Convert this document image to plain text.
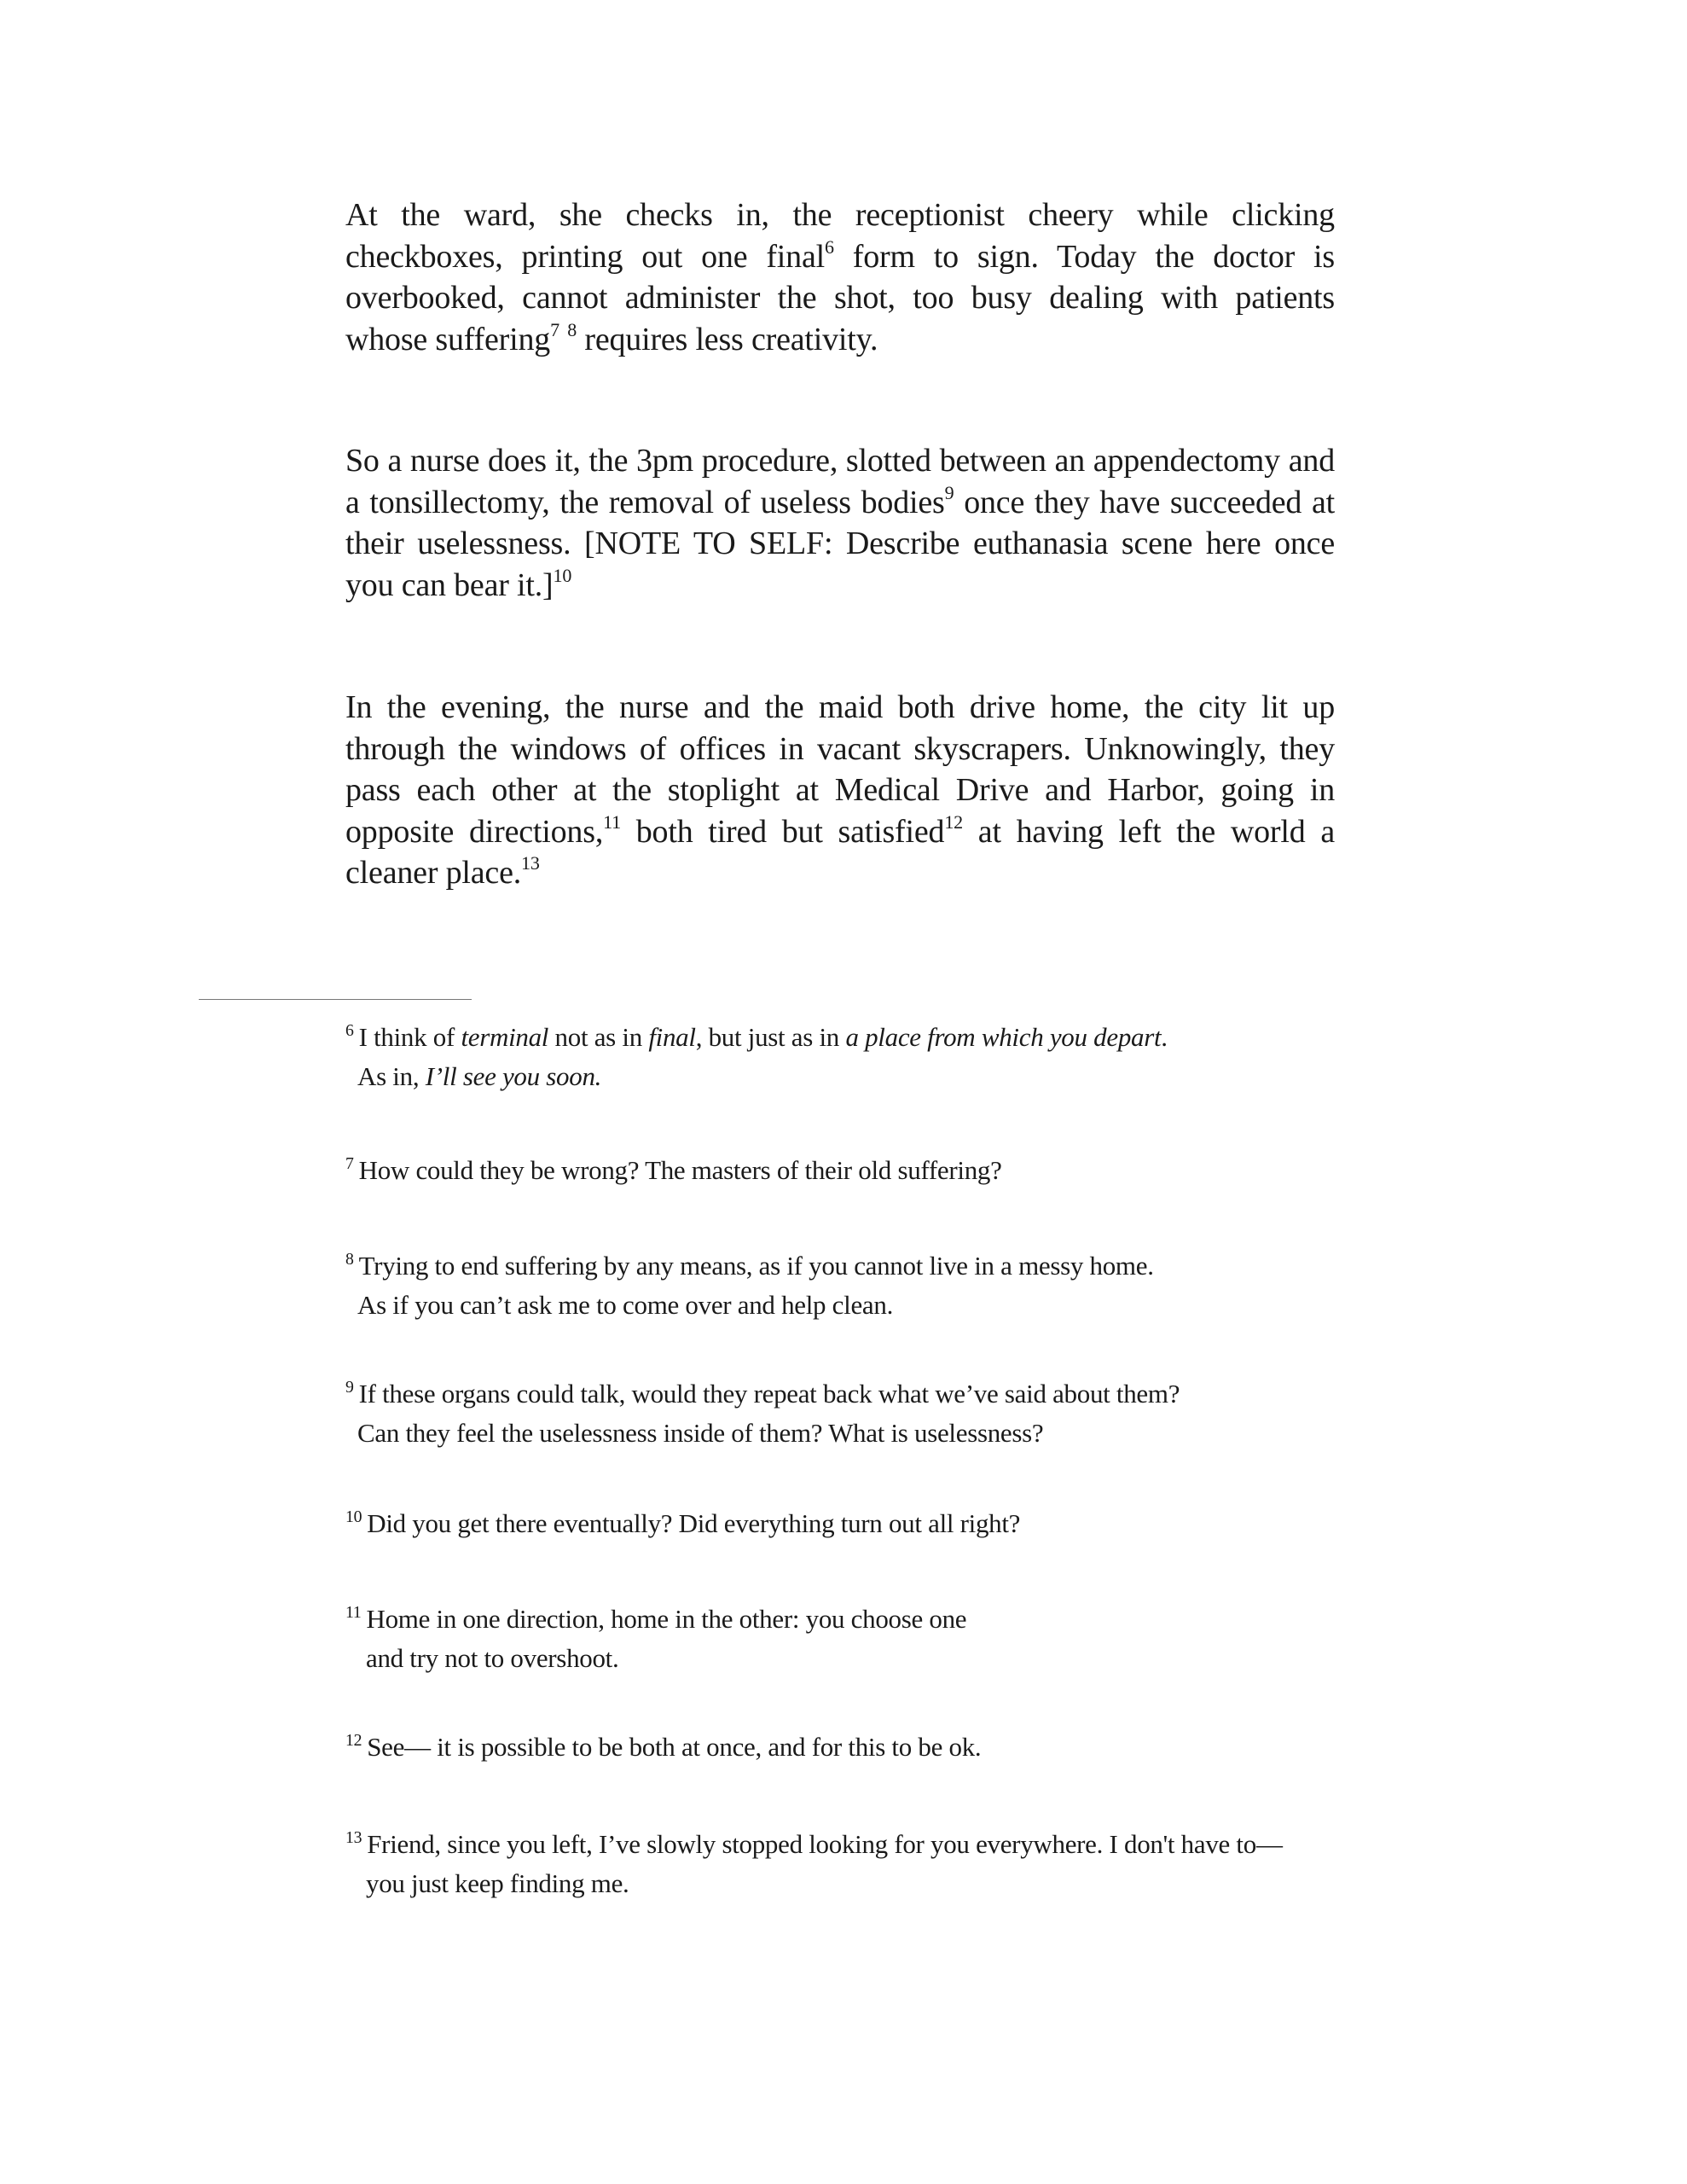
At the ward, she checks in, the receptionist cheery while clicking checkboxes, printing out one final$^6$ form to sign. Today the doctor is overbooked, cannot administer the shot, too busy dealing with patients whose suffering$^7$ $^8$ requires less creativity.
So a nurse does it, the 3pm procedure, slotted between an appendectomy and a tonsillectomy, the removal of useless bodies$^9$ once they have succeeded at their uselessness. [NOTE TO SELF: Describe euthanasia scene here once you can bear it.]$^{10}$
In the evening, the nurse and the maid both drive home, the city lit up through the windows of offices in vacant skyscrapers. Unknowingly, they pass each other at the stoplight at Medical Drive and Harbor, going in opposite directions,$^{11}$ both tired but satisfied$^{12}$ at having left the world a cleaner place.$^{13}$
$^6$ I think of terminal not as in final, but just as in a place from which you depart.
As in, I’ll see you soon.
$^7$ How could they be wrong? The masters of their old suffering?
$^8$ Trying to end suffering by any means, as if you cannot live in a messy home.
As if you can’t ask me to come over and help clean.
$^9$ If these organs could talk, would they repeat back what we’ve said about them?
Can they feel the uselessness inside of them? What is uselessness?
$^{10}$ Did you get there eventually? Did everything turn out all right?
$^{11}$ Home in one direction, home in the other: you choose one
and try not to overshoot.
$^{12}$ See— it is possible to be both at once, and for this to be ok.
$^{13}$ Friend, since you left, I’ve slowly stopped looking for you everywhere. I don't have to—
you just keep finding me.
